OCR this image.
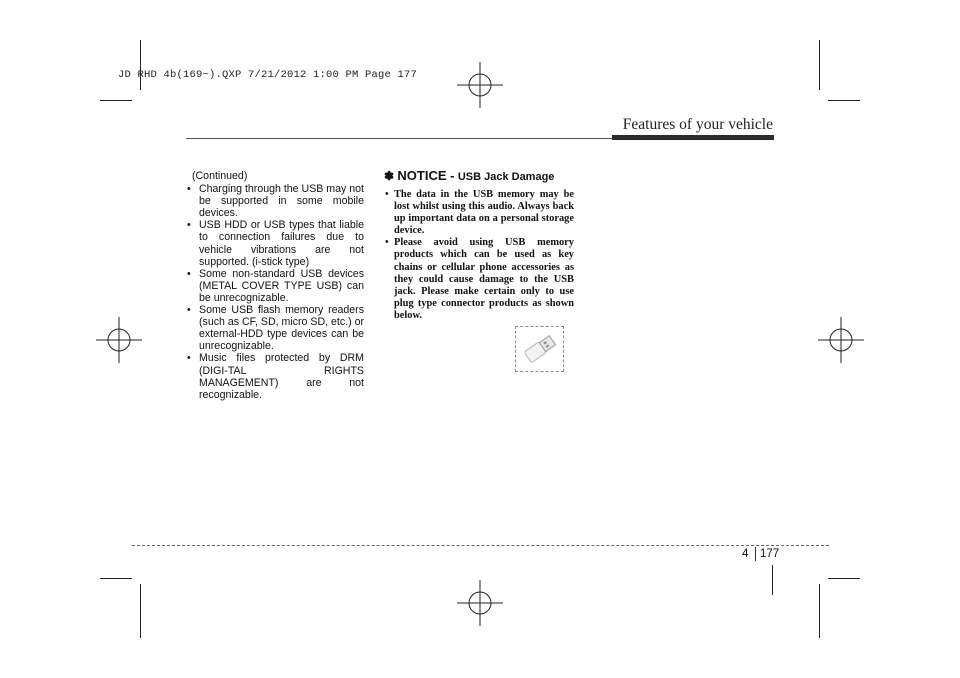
JD RHD 4b(169~).QXP 7/21/2012 1:00 PM Page 177
Features of your vehicle
(Continued)
• Charging through the USB may not be supported in some mobile devices.
• USB HDD or USB types that liable to connection failures due to vehicle vibrations are not supported. (i-stick type)
• Some non-standard USB devices (METAL COVER TYPE USB) can be unrecognizable.
• Some USB flash memory readers (such as CF, SD, micro SD, etc.) or external-HDD type devices can be unrecognizable.
• Music files protected by DRM (DIGI-TAL RIGHTS MANAGEMENT) are not recognizable.
✽ NOTICE - USB Jack Damage
• The data in the USB memory may be lost whilst using this audio. Always back up important data on a personal storage device.
• Please avoid using USB memory products which can be used as key chains or cellular phone accessories as they could cause damage to the USB jack. Please make certain only to use plug type connector products as shown below.
4 177
